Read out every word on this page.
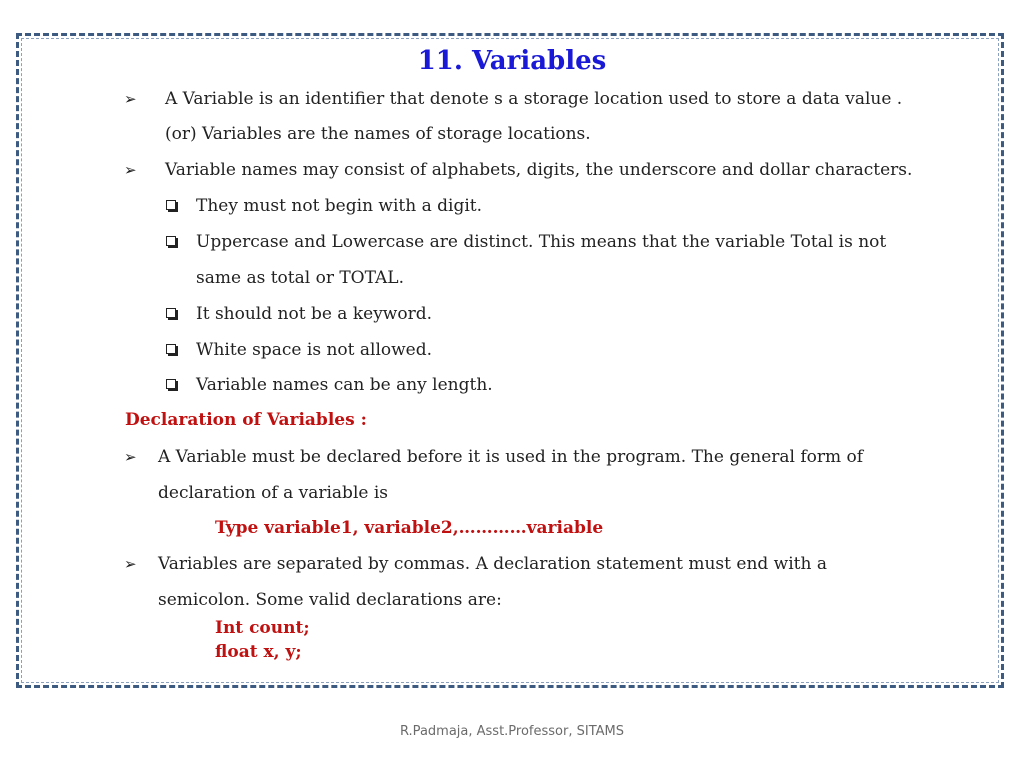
11. Variables
➢ A Variable is an identifier that denote s a storage location used to store a data value .
(or) Variables are the names of storage locations.
➢ Variable names may consist of alphabets, digits, the underscore and dollar characters.
They must not begin with a digit.
Uppercase and Lowercase are distinct. This means that the variable Total is not
same as total or TOTAL.
It should not be a keyword.
White space is not allowed.
Variable names can be any length.
Declaration of Variables :
➢ A Variable must be declared before it is used in the program. The general form of
declaration of a variable is
Type variable1, variable2,…………variable
➢ Variables are separated by commas. A declaration statement must end with a
semicolon. Some valid declarations are:
Int count;
float x, y;
R.Padmaja, Asst.Professor, SITAMS
